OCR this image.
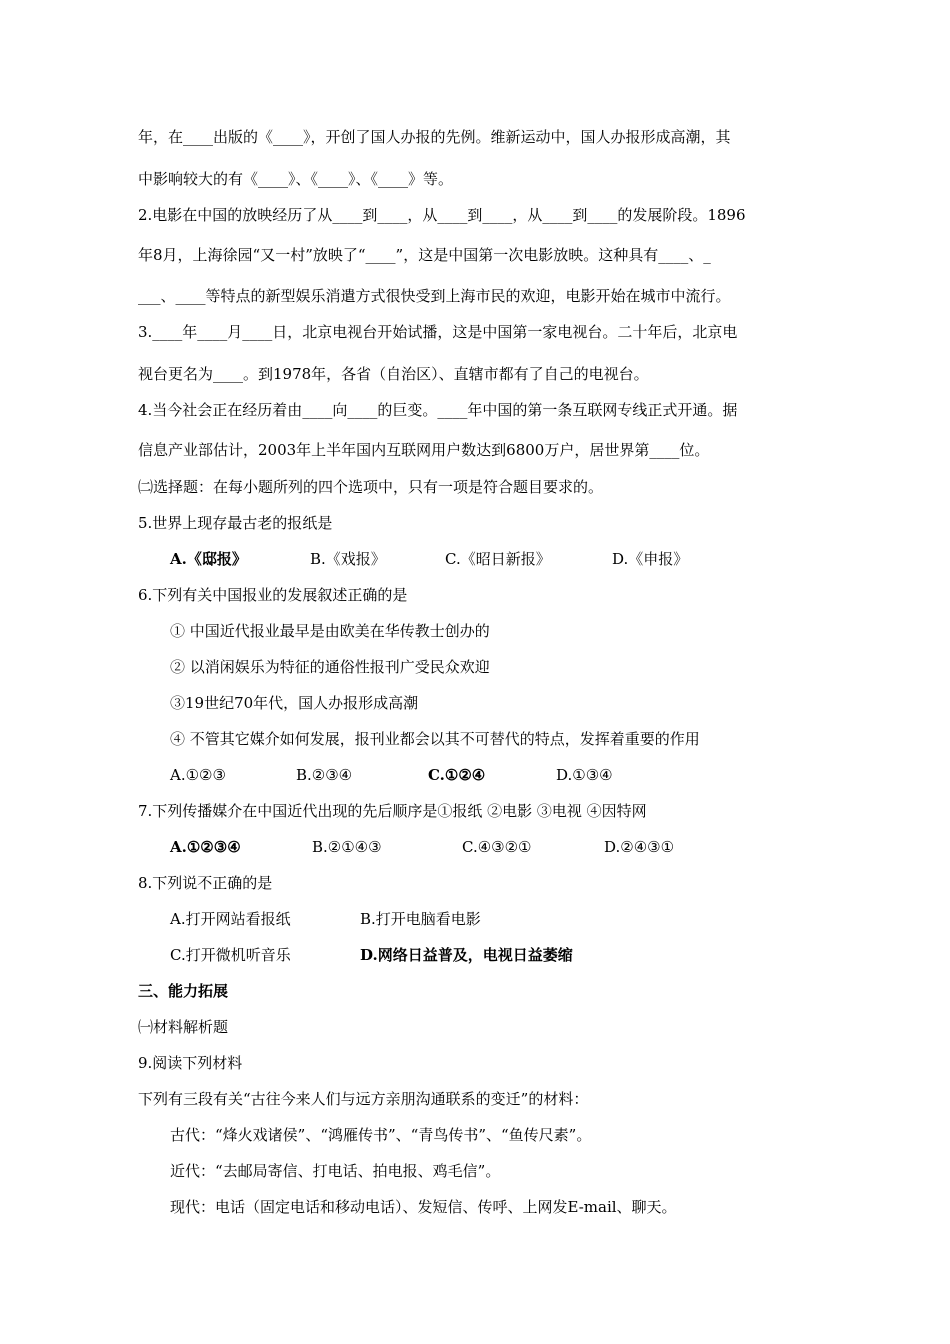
年，在____出版的《____》，开创了国人办报的先例。维新运动中，国人办报形成高潮，其
中影响较大的有《____》、《____》、《____》等。
2.电影在中国的放映经历了从____到____，从____到____，从____到____的发展阶段。1896
年8月，上海徐园“又一村”放映了“____”，这是中国第一次电影放映。这种具有____、_
___、____等特点的新型娱乐消遣方式很快受到上海市民的欢迎，电影开始在城市中流行。
3.____年____月____日，北京电视台开始试播，这是中国第一家电视台。二十年后，北京电
视台更名为____。到1978年，各省（自治区）、直辖市都有了自己的电视台。
4.当今社会正在经历着由____向____的巨变。____年中国的第一条互联网专线正式开通。据
信息产业部估计，2003年上半年国内互联网用户数达到6800万户，居世界第____位。
㈡选择题：在每小题所列的四个选项中，只有一项是符合题目要求的。
5.世界上现存最古老的报纸是
A.《邸报》	B.《戏报》	C.《昭日新报》	D.《申报》
6.下列有关中国报业的发展叙述正确的是
① 中国近代报业最早是由欧美在华传教士创办的
② 以消闲娱乐为特征的通俗性报刊广受民众欢迎
③19世纪70年代，国人办报形成高潮
④ 不管其它媒介如何发展，报刊业都会以其不可替代的特点，发挥着重要的作用
A.①②③	B.②③④	C.①②④	D.①③④
7.下列传播媒介在中国近代出现的先后顺序是①报纸 ②电影 ③电视 ④因特网
A.①②③④	B.②①④③	C.④③②①	D.②④③①
8.下列说不正确的是
A.打开网站看报纸	B.打开电脑看电影
C.打开微机听音乐	D.网络日益普及，电视日益萎缩
三、能力拓展
㈠材料解析题
9.阅读下列材料
下列有三段有关“古往今来人们与远方亲朋沟通联系的变迁”的材料：
古代：“烽火戏诸侯”、“鸿雁传书”、“青鸟传书”、“鱼传尺素”。
近代：“去邮局寄信、打电话、拍电报、鸡毛信”。
现代：电话（固定电话和移动电话）、发短信、传呼、上网发E-mail、聊天。
